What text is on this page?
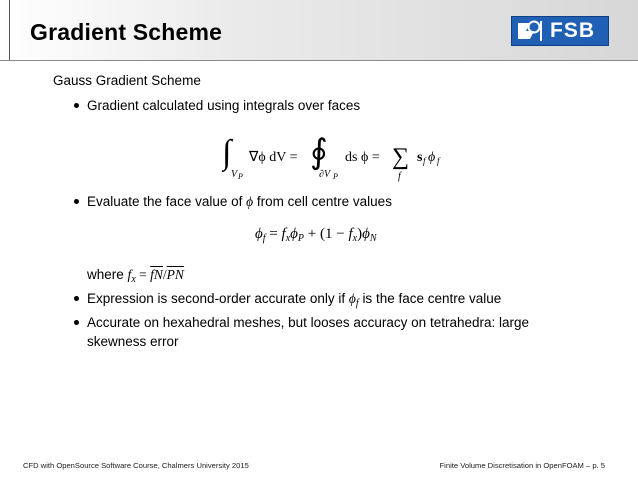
Gradient Scheme	FSB
Gauss Gradient Scheme
Gradient calculated using integrals over faces
∫
V P
∇ϕ dV = ∮
∂V P
ds ϕ = ∑
f
s f ϕ f
Evaluate the face value of ϕ from cell centre values
$\phi_f = f_x\phi_P + (1 - f_x)\phi_N$
where $f_x = \overline{fN}/\overline{PN}$
Expression is second-order accurate only if $\phi_f$ is the face centre value
Accurate on hexahedral meshes, but looses accuracy on tetrahedra: large skewness error
CFD with OpenSource Software Course, Chalmers University 2015	Finite Volume Discretisation in OpenFOAM – p. 5
